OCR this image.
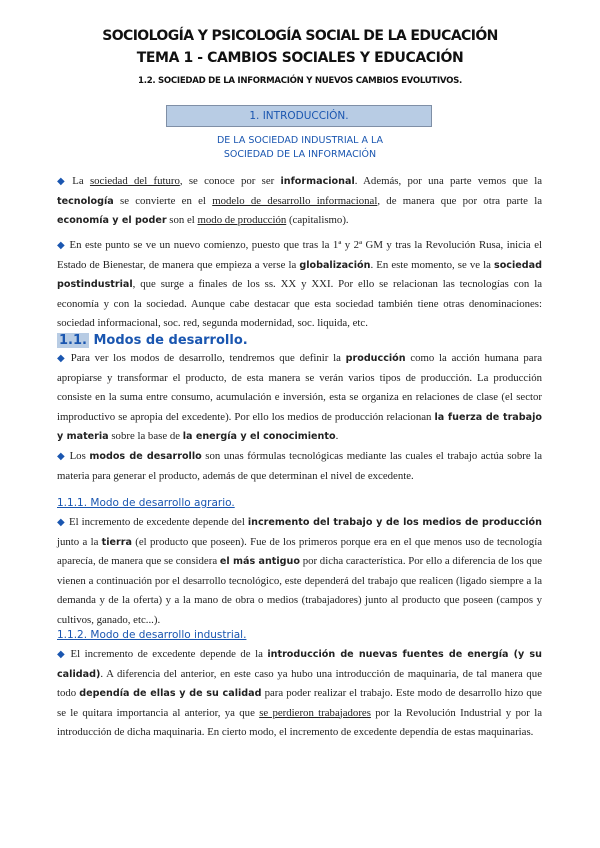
SOCIOLOGÍA Y PSICOLOGÍA SOCIAL DE LA EDUCACIÓN
TEMA 1 - CAMBIOS SOCIALES Y EDUCACIÓN
1.2. SOCIEDAD DE LA INFORMACIÓN Y NUEVOS CAMBIOS EVOLUTIVOS.
1. INTRODUCCIÓN.
DE LA SOCIEDAD INDUSTRIAL A LA
SOCIEDAD DE LA INFORMACIÓN
◆ La sociedad del futuro, se conoce por ser informacional. Además, por una parte vemos que la tecnología se convierte en el modelo de desarrollo informacional, de manera que por otra parte la economía y el poder son el modo de producción (capitalismo).
◆ En este punto se ve un nuevo comienzo, puesto que tras la 1ª y 2ª GM y tras la Revolución Rusa, inicia el Estado de Bienestar, de manera que empieza a verse la globalización. En este momento, se ve la sociedad postindustrial, que surge a finales de los ss. XX y XXI. Por ello se relacionan las tecnologías con la economía y con la sociedad. Aunque cabe destacar que esta sociedad también tiene otras denominaciones: sociedad informacional, soc. red, segunda modernidad, soc. liquida, etc.
1.1. Modos de desarrollo.
◆ Para ver los modos de desarrollo, tendremos que definir la producción como la acción humana para apropiarse y transformar el producto, de esta manera se verán varios tipos de producción. La producción consiste en la suma entre consumo, acumulación e inversión, esta se organiza en relaciones de clase (el sector improductivo se apropia del excedente). Por ello los medios de producción relacionan la fuerza de trabajo y materia sobre la base de la energía y el conocimiento.
◆ Los modos de desarrollo son unas fórmulas tecnológicas mediante las cuales el trabajo actúa sobre la materia para generar el producto, además de que determinan el nivel de excedente.
1.1.1. Modo de desarrollo agrario.
◆ El incremento de excedente depende del incremento del trabajo y de los medios de producción junto a la tierra (el producto que poseen). Fue de los primeros porque era en el que menos uso de tecnología aparecía, de manera que se considera el más antiguo por dicha característica. Por ello a diferencia de los que vienen a continuación por el desarrollo tecnológico, este dependerá del trabajo que realicen (ligado siempre a la demanda y de la oferta) y a la mano de obra o medios (trabajadores) junto al producto que poseen (campos y cultivos, ganado, etc...).
1.1.2. Modo de desarrollo industrial.
◆ El incremento de excedente depende de la introducción de nuevas fuentes de energía (y su calidad). A diferencia del anterior, en este caso ya hubo una introducción de maquinaria, de tal manera que todo dependía de ellas y de su calidad para poder realizar el trabajo. Este modo de desarrollo hizo que se le quitara importancia al anterior, ya que se perdieron trabajadores por la Revolución Industrial y por la introducción de dicha maquinaria. En cierto modo, el incremento de excedente dependía de estas maquinarias.
